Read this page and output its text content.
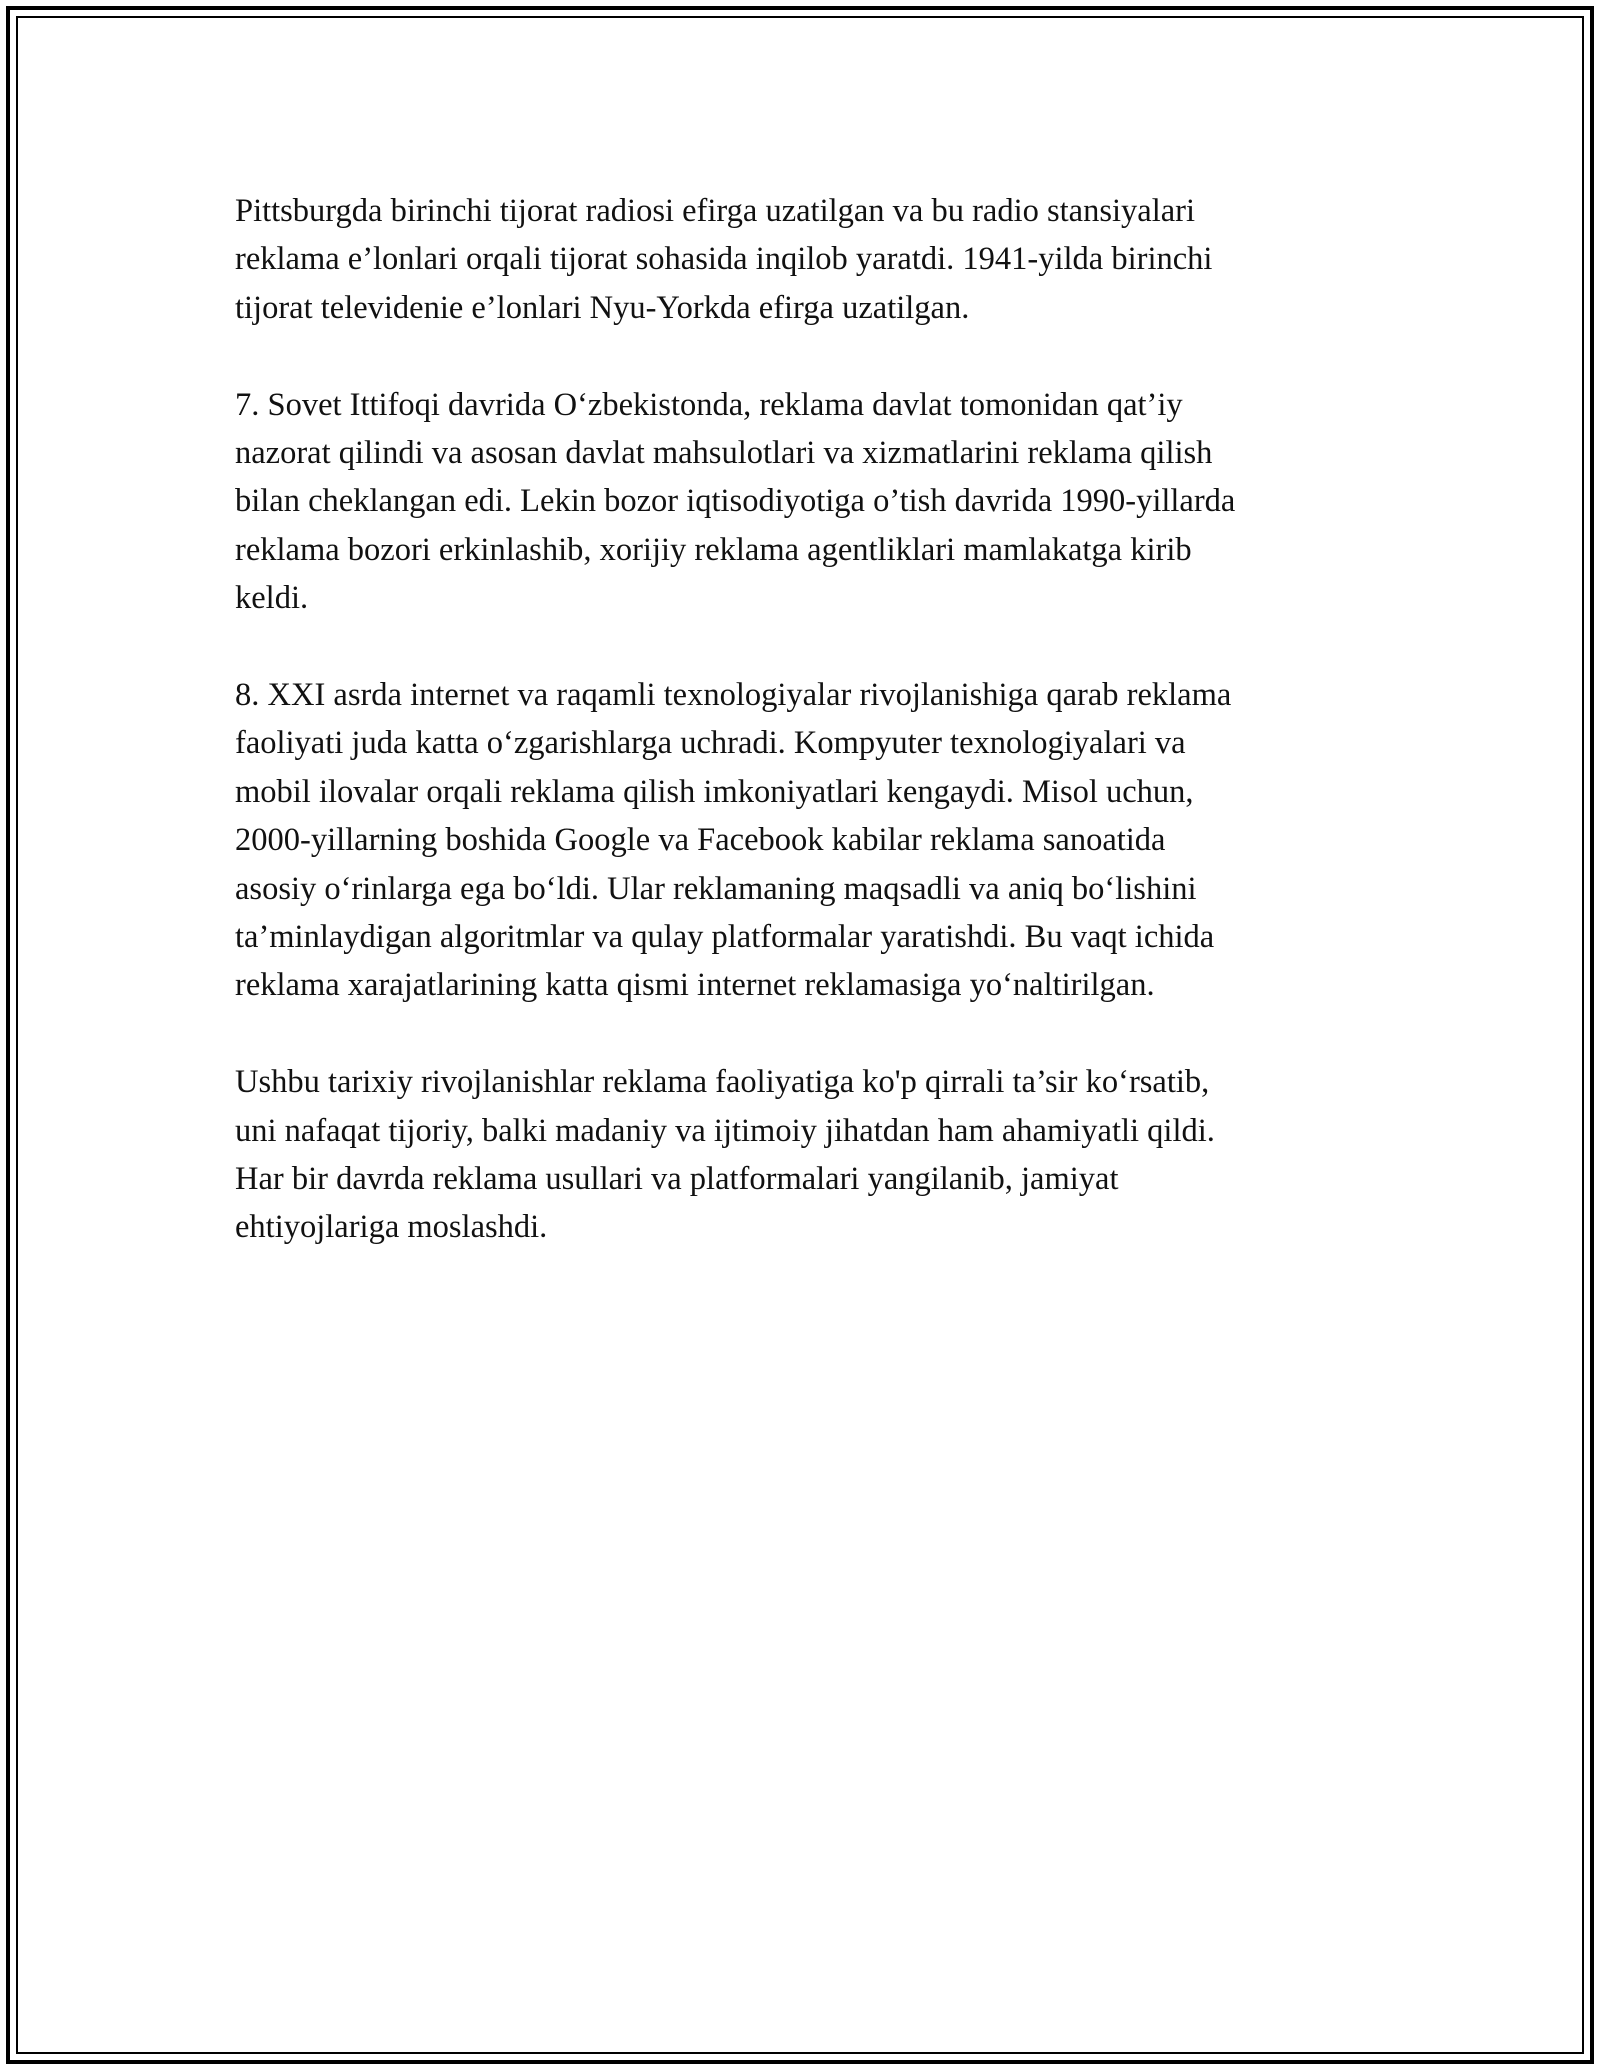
Pittsburgda birinchi tijorat radiosi efirga uzatilgan va bu radio stansiyalari
reklama e’lonlari orqali tijorat sohasida inqilob yaratdi. 1941-yilda birinchi
tijorat televidenie e’lonlari Nyu-Yorkda efirga uzatilgan.

7. Sovet Ittifoqi davrida O‘zbekistonda, reklama davlat tomonidan qat’iy
nazorat qilindi va asosan davlat mahsulotlari va xizmatlarini reklama qilish
bilan cheklangan edi. Lekin bozor iqtisodiyotiga o’tish davrida 1990-yillarda
reklama bozori erkinlashib, xorijiy reklama agentliklari mamlakatga kirib
keldi.

8. XXI asrda internet va raqamli texnologiyalar rivojlanishiga qarab reklama
faoliyati juda katta o‘zgarishlarga uchradi. Kompyuter texnologiyalari va
mobil ilovalar orqali reklama qilish imkoniyatlari kengaydi. Misol uchun,
2000-yillarning boshida Google va Facebook kabilar reklama sanoatida
asosiy o‘rinlarga ega bo‘ldi. Ular reklamaning maqsadli va aniq bo‘lishini
ta’minlaydigan algoritmlar va qulay platformalar yaratishdi. Bu vaqt ichida
reklama xarajatlarining katta qismi internet reklamasiga yo‘naltirilgan.

Ushbu tarixiy rivojlanishlar reklama faoliyatiga ko'p qirrali ta’sir ko‘rsatib,
uni nafaqat tijoriy, balki madaniy va ijtimoiy jihatdan ham ahamiyatli qildi.
Har bir davrda reklama usullari va platformalari yangilanib, jamiyat
ehtiyojlariga moslashdi.
